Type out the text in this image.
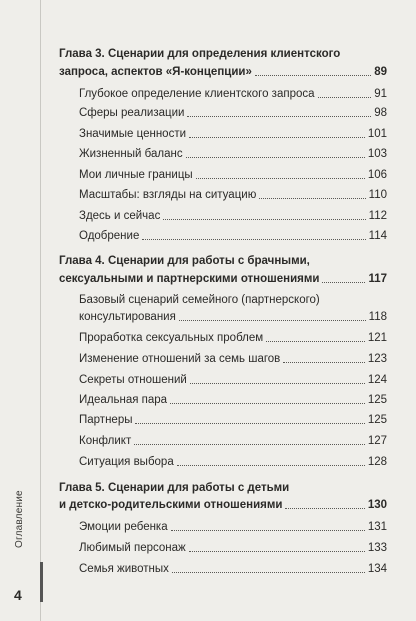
Оглавление
4
Глава 3. Сценарии для определения клиентского
запроса, аспектов «Я-концепции»	89
Глубокое определение клиентского запроса	91
Сферы реализации	98
Значимые ценности	101
Жизненный баланс	103
Мои личные границы	106
Масштабы: взгляды на ситуацию	110
Здесь и сейчас	112
Одобрение	114
Глава 4. Сценарии для работы с брачными,
сексуальными и партнерскими отношениями	117
Базовый сценарий семейного (партнерского)
консультирования	118
Проработка сексуальных проблем	121
Изменение отношений за семь шагов	123
Секреты отношений	124
Идеальная пара	125
Партнеры	125
Конфликт	127
Ситуация выбора	128
Глава 5. Сценарии для работы с детьми
и детско-родительскими отношениями	130
Эмоции ребенка	131
Любимый персонаж	133
Семья животных	134
